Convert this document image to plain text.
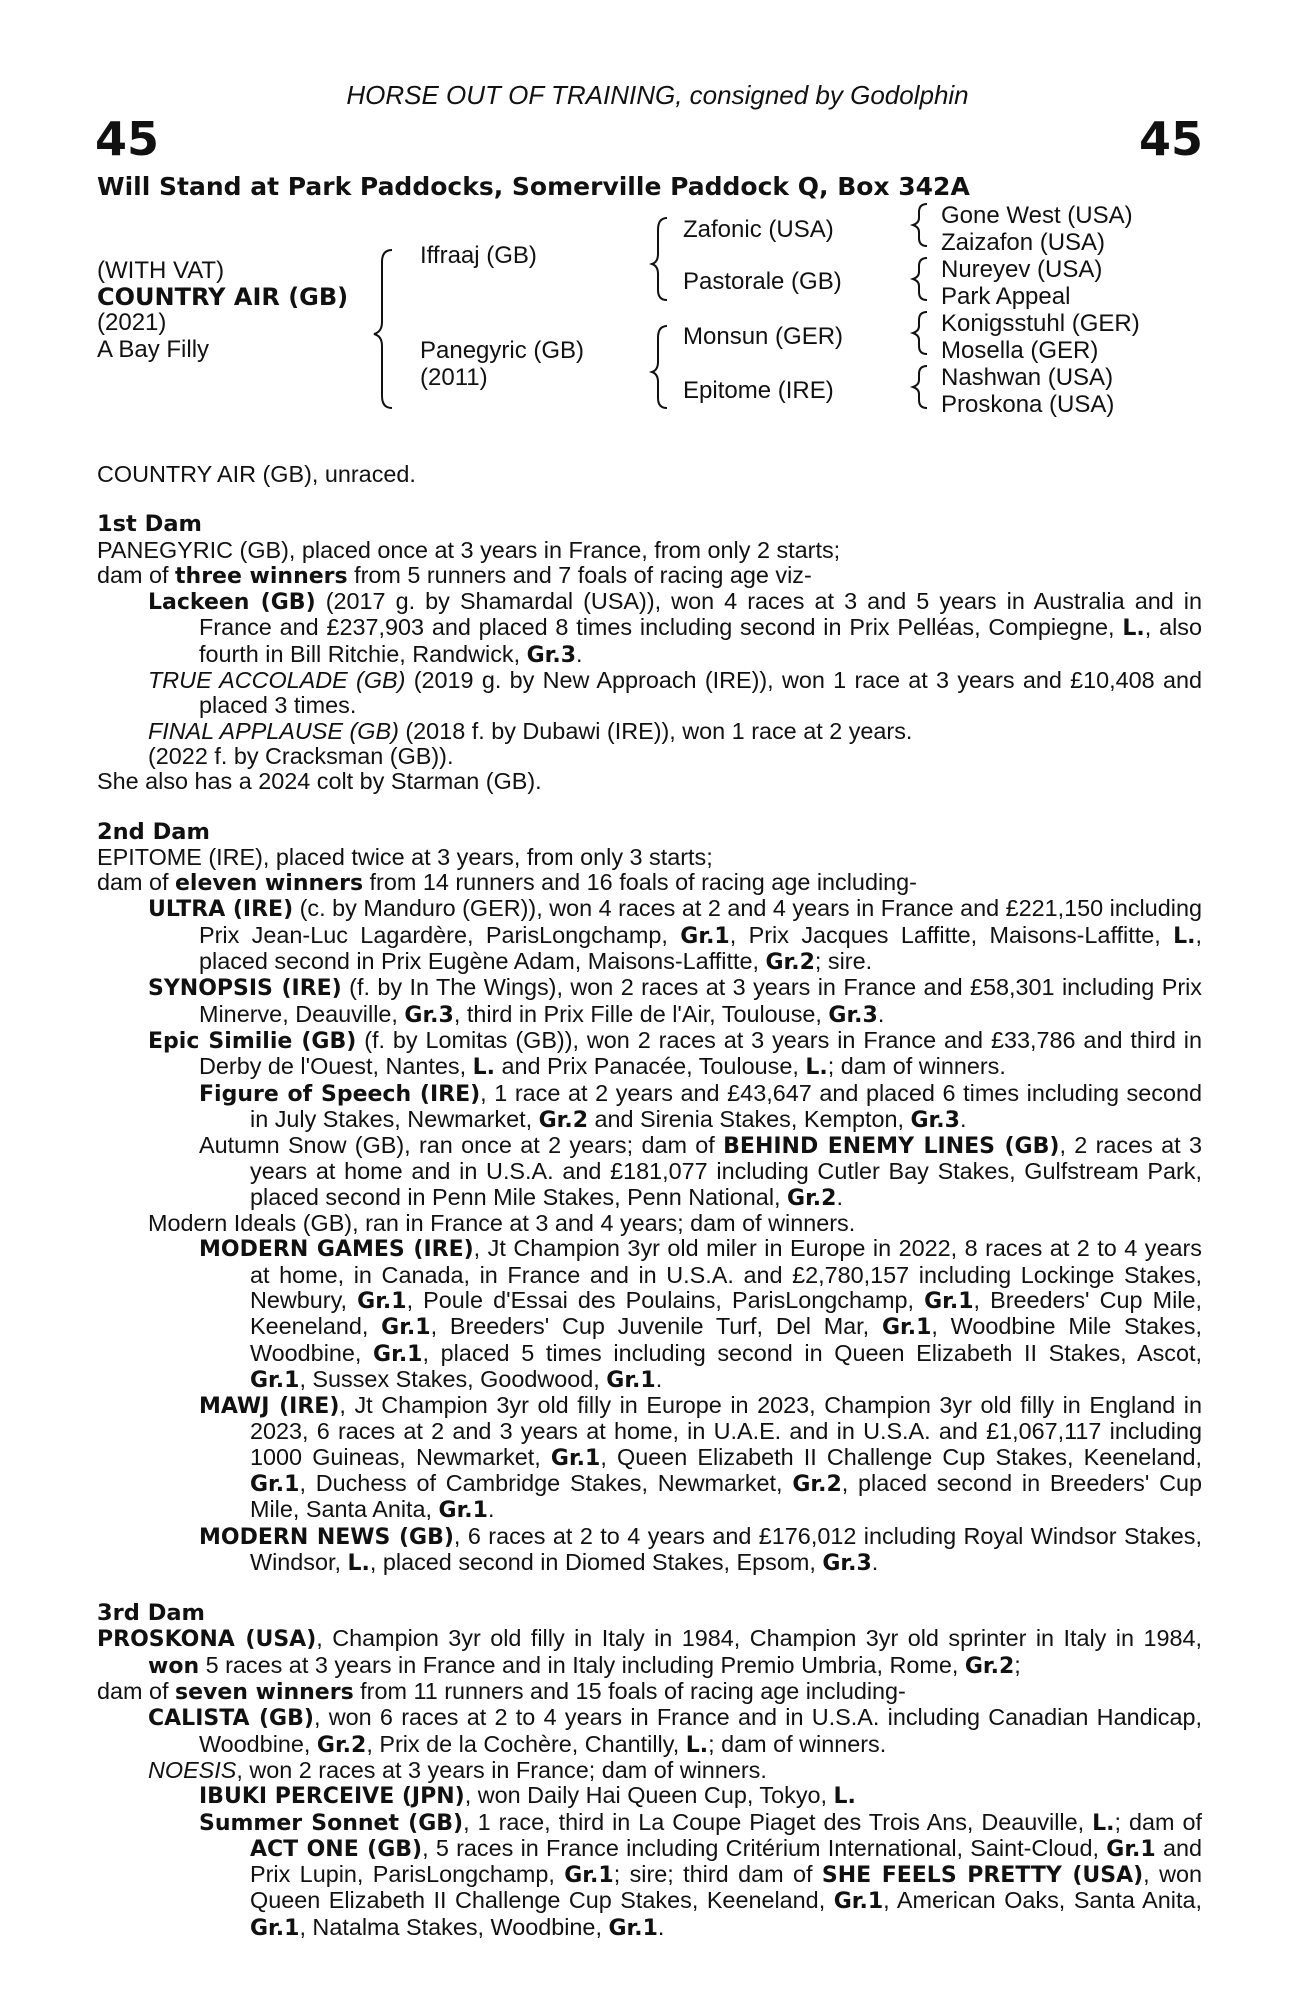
HORSE OUT OF TRAINING, consigned by Godolphin
45	45
Will Stand at Park Paddocks, Somerville Paddock Q, Box 342A
(WITH VAT)
COUNTRY AIR (GB)
(2021)
A Bay Filly
Iffraaj (GB)
Panegyric (GB)
(2011)
Zafonic (USA)
Pastorale (GB)
Monsun (GER)
Epitome (IRE)
Gone West (USA)
Zaizafon (USA)
Nureyev (USA)
Park Appeal
Konigsstuhl (GER)
Mosella (GER)
Nashwan (USA)
Proskona (USA)

COUNTRY AIR (GB), unraced.

1st Dam

PANEGYRIC (GB), placed once at 3 years in France, from only 2 starts;

dam of three winners from 5 runners and 7 foals of racing age viz-

Lackeen (GB) (2017 g. by Shamardal (USA)), won 4 races at 3 and 5 years in Australia and in France and £237,903 and placed 8 times including second in Prix Pelléas, Compiegne, L., also fourth in Bill Ritchie, Randwick, Gr.3.

TRUE ACCOLADE (GB) (2019 g. by New Approach (IRE)), won 1 race at 3 years and £10,408 and placed 3 times.

FINAL APPLAUSE (GB) (2018 f. by Dubawi (IRE)), won 1 race at 2 years.

(2022 f. by Cracksman (GB)).

She also has a 2024 colt by Starman (GB).

2nd Dam

EPITOME (IRE), placed twice at 3 years, from only 3 starts;

dam of eleven winners from 14 runners and 16 foals of racing age including-

ULTRA (IRE) (c. by Manduro (GER)), won 4 races at 2 and 4 years in France and £221,150 including Prix Jean-Luc Lagardère, ParisLongchamp, Gr.1, Prix Jacques Laffitte, Maisons-Laffitte, L., placed second in Prix Eugène Adam, Maisons-Laffitte, Gr.2; sire.

SYNOPSIS (IRE) (f. by In The Wings), won 2 races at 3 years in France and £58,301 including Prix Minerve, Deauville, Gr.3, third in Prix Fille de l'Air, Toulouse, Gr.3.

Epic Similie (GB) (f. by Lomitas (GB)), won 2 races at 3 years in France and £33,786 and third in Derby de l'Ouest, Nantes, L. and Prix Panacée, Toulouse, L.; dam of winners.

Figure of Speech (IRE), 1 race at 2 years and £43,647 and placed 6 times including second in July Stakes, Newmarket, Gr.2 and Sirenia Stakes, Kempton, Gr.3.

Autumn Snow (GB), ran once at 2 years; dam of BEHIND ENEMY LINES (GB), 2 races at 3 years at home and in U.S.A. and £181,077 including Cutler Bay Stakes, Gulfstream Park, placed second in Penn Mile Stakes, Penn National, Gr.2.

Modern Ideals (GB), ran in France at 3 and 4 years; dam of winners.

MODERN GAMES (IRE), Jt Champion 3yr old miler in Europe in 2022, 8 races at 2 to 4 years at home, in Canada, in France and in U.S.A. and £2,780,157 including Lockinge Stakes, Newbury, Gr.1, Poule d'Essai des Poulains, ParisLongchamp, Gr.1, Breeders' Cup Mile, Keeneland, Gr.1, Breeders' Cup Juvenile Turf, Del Mar, Gr.1, Woodbine Mile Stakes, Woodbine, Gr.1, placed 5 times including second in Queen Elizabeth II Stakes, Ascot, Gr.1, Sussex Stakes, Goodwood, Gr.1.

MAWJ (IRE), Jt Champion 3yr old filly in Europe in 2023, Champion 3yr old filly in England in 2023, 6 races at 2 and 3 years at home, in U.A.E. and in U.S.A. and £1,067,117 including 1000 Guineas, Newmarket, Gr.1, Queen Elizabeth II Challenge Cup Stakes, Keeneland, Gr.1, Duchess of Cambridge Stakes, Newmarket, Gr.2, placed second in Breeders' Cup Mile, Santa Anita, Gr.1.

MODERN NEWS (GB), 6 races at 2 to 4 years and £176,012 including Royal Windsor Stakes, Windsor, L., placed second in Diomed Stakes, Epsom, Gr.3.

3rd Dam

PROSKONA (USA), Champion 3yr old filly in Italy in 1984, Champion 3yr old sprinter in Italy in 1984, won 5 races at 3 years in France and in Italy including Premio Umbria, Rome, Gr.2;

dam of seven winners from 11 runners and 15 foals of racing age including-

CALISTA (GB), won 6 races at 2 to 4 years in France and in U.S.A. including Canadian Handicap, Woodbine, Gr.2, Prix de la Cochère, Chantilly, L.; dam of winners.

NOESIS, won 2 races at 3 years in France; dam of winners.

IBUKI PERCEIVE (JPN), won Daily Hai Queen Cup, Tokyo, L.

Summer Sonnet (GB), 1 race, third in La Coupe Piaget des Trois Ans, Deauville, L.; dam of ACT ONE (GB), 5 races in France including Critérium International, Saint-Cloud, Gr.1 and Prix Lupin, ParisLongchamp, Gr.1; sire; third dam of SHE FEELS PRETTY (USA), won Queen Elizabeth II Challenge Cup Stakes, Keeneland, Gr.1, American Oaks, Santa Anita, Gr.1, Natalma Stakes, Woodbine, Gr.1.
